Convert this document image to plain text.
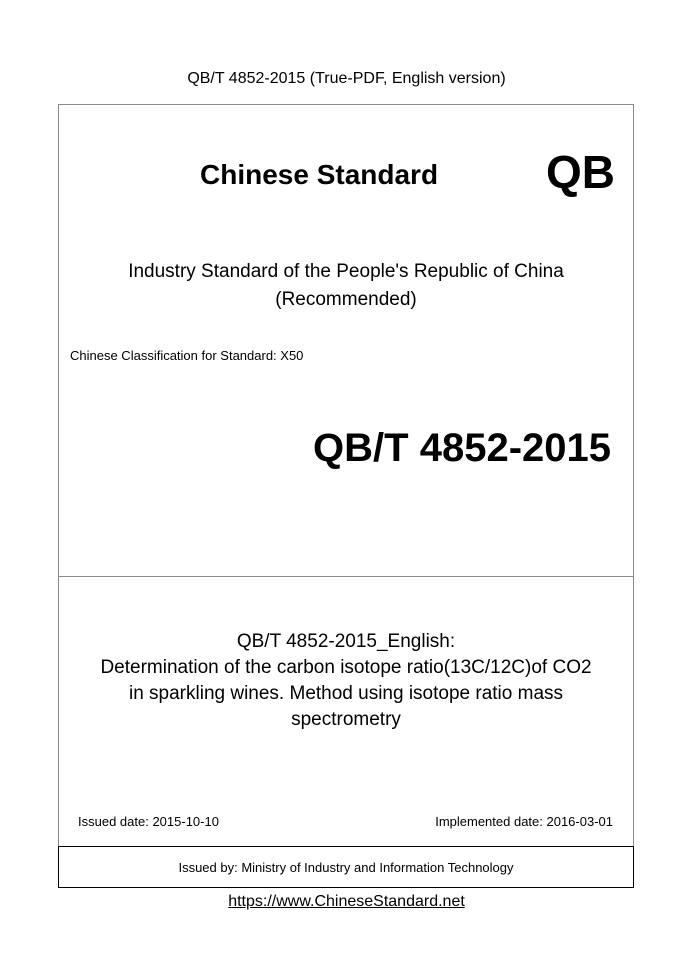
QB/T 4852-2015 (True-PDF, English version)
Chinese Standard QB
Industry Standard of the People's Republic of China
(Recommended)
Chinese Classification for Standard: X50
QB/T 4852-2015
QB/T 4852-2015_English:
Determination of the carbon isotope ratio(13C/12C)of CO2
in sparkling wines. Method using isotope ratio mass
spectrometry
Issued date: 2015-10-10	Implemented date: 2016-03-01
Issued by: Ministry of Industry and Information Technology
https://www.ChineseStandard.net
